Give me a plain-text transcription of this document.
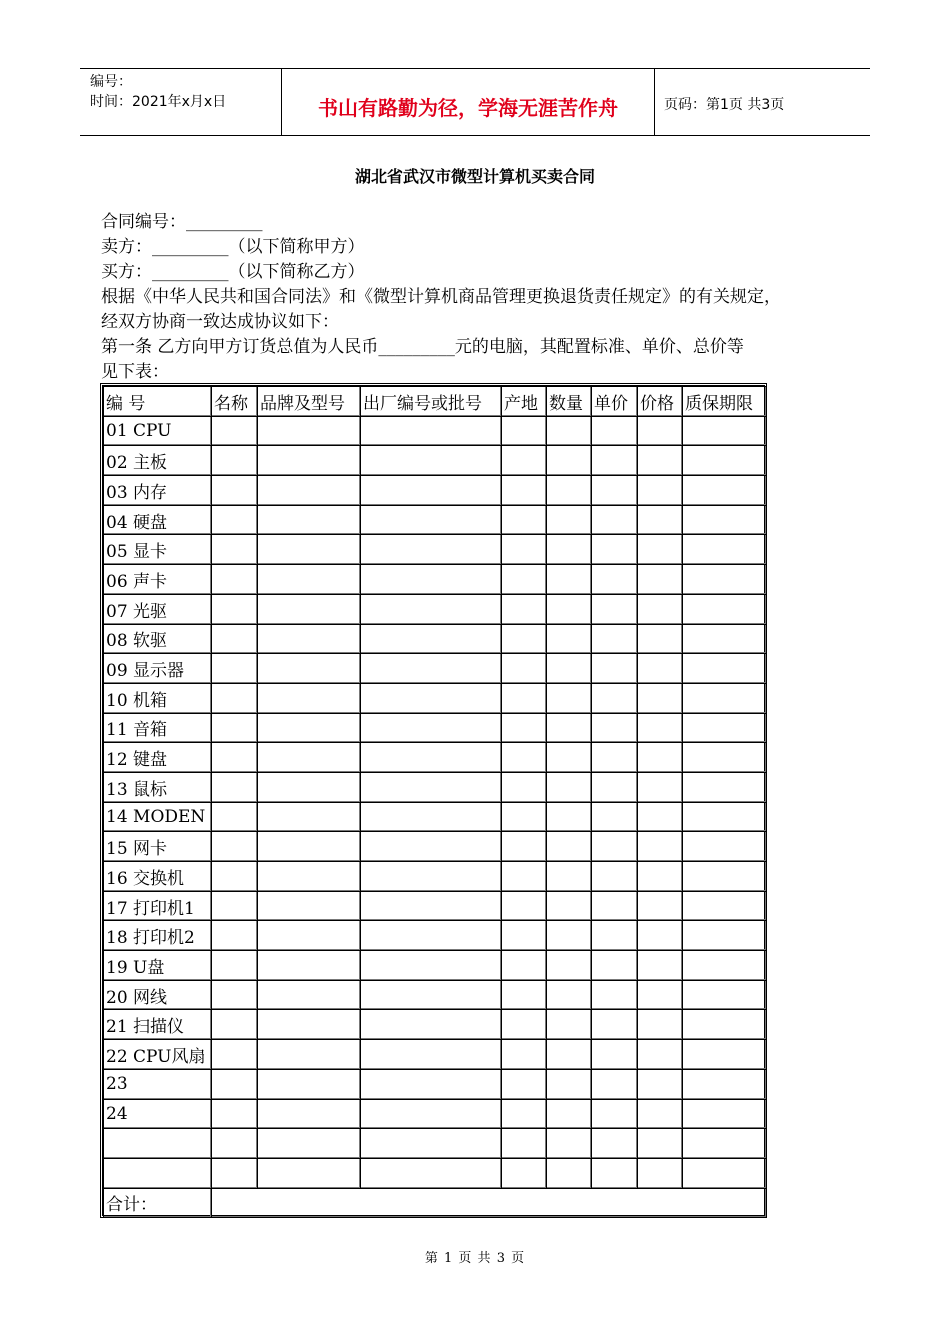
编号：
时间：2021年x月x日	书山有路勤为径，学海无涯苦作舟	页码：第1页 共3页
湖北省武汉市微型计算机买卖合同

合同编号：_________

卖方：_________（以下简称甲方）

买方：_________（以下简称乙方）

根据《中华人民共和国合同法》和《微型计算机商品管理更换退货责任规定》的有关规定，

经双方协商一致达成协议如下：

第一条 乙方向甲方订货总值为人民币_________元的电脑，其配置标准、单价、总价等

见下表：

编 号	名称	品牌及型号	出厂编号或批号	产地	数量	单价	价格	质保期限
01 CPU								
02 主板								
03 内存								
04 硬盘								
05 显卡								
06 声卡								
07 光驱								
08 软驱								
09 显示器								
10 机箱								
11 音箱								
12 键盘								
13 鼠标								
14 MODEN								
15 网卡								
16 交换机								
17 打印机1								
18 打印机2								
19 U盘								
20 网线								
21 扫描仪								
22 CPU风扇								
23								
24								

合计：								
第 1 页 共 3 页
